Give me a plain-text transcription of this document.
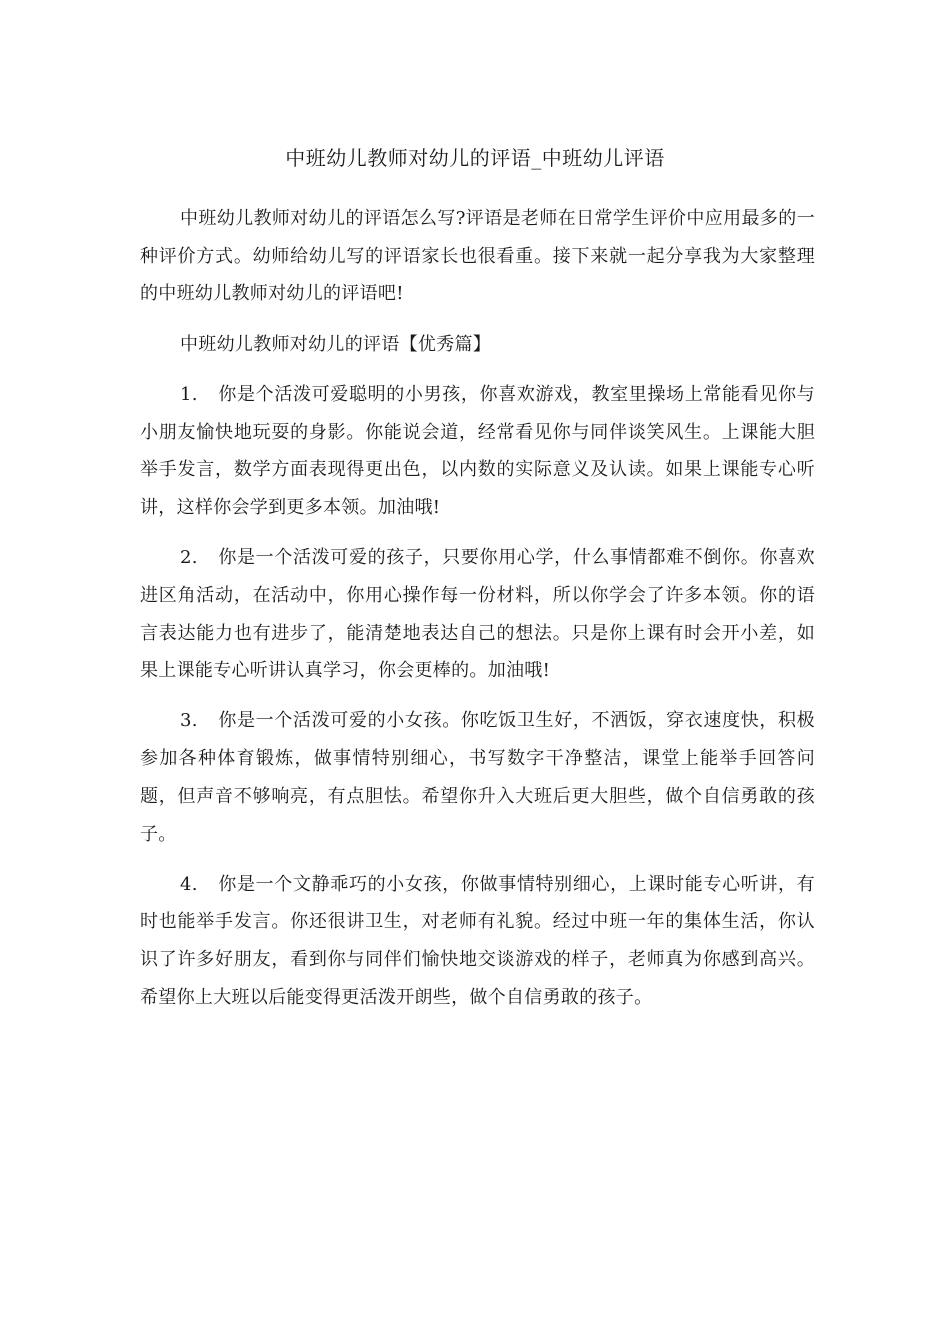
中班幼儿教师对幼儿的评语_中班幼儿评语

中班幼儿教师对幼儿的评语怎么写?评语是老师在日常学生评价中应用最多的一种评价方式。幼师给幼儿写的评语家长也很看重。接下来就一起分享我为大家整理的中班幼儿教师对幼儿的评语吧!

中班幼儿教师对幼儿的评语【优秀篇】

1. 你是个活泼可爱聪明的小男孩，你喜欢游戏，教室里操场上常能看见你与小朋友愉快地玩耍的身影。你能说会道，经常看见你与同伴谈笑风生。上课能大胆举手发言，数学方面表现得更出色，以内数的实际意义及认读。如果上课能专心听讲，这样你会学到更多本领。加油哦!

2. 你是一个活泼可爱的孩子，只要你用心学，什么事情都难不倒你。你喜欢进区角活动，在活动中，你用心操作每一份材料，所以你学会了许多本领。你的语言表达能力也有进步了，能清楚地表达自己的想法。只是你上课有时会开小差，如果上课能专心听讲认真学习，你会更棒的。加油哦!

3. 你是一个活泼可爱的小女孩。你吃饭卫生好，不洒饭，穿衣速度快，积极参加各种体育锻炼，做事情特别细心，书写数字干净整洁，课堂上能举手回答问题，但声音不够响亮，有点胆怯。希望你升入大班后更大胆些，做个自信勇敢的孩子。

4. 你是一个文静乖巧的小女孩，你做事情特别细心，上课时能专心听讲，有时也能举手发言。你还很讲卫生，对老师有礼貌。经过中班一年的集体生活，你认识了许多好朋友，看到你与同伴们愉快地交谈游戏的样子，老师真为你感到高兴。希望你上大班以后能变得更活泼开朗些，做个自信勇敢的孩子。
